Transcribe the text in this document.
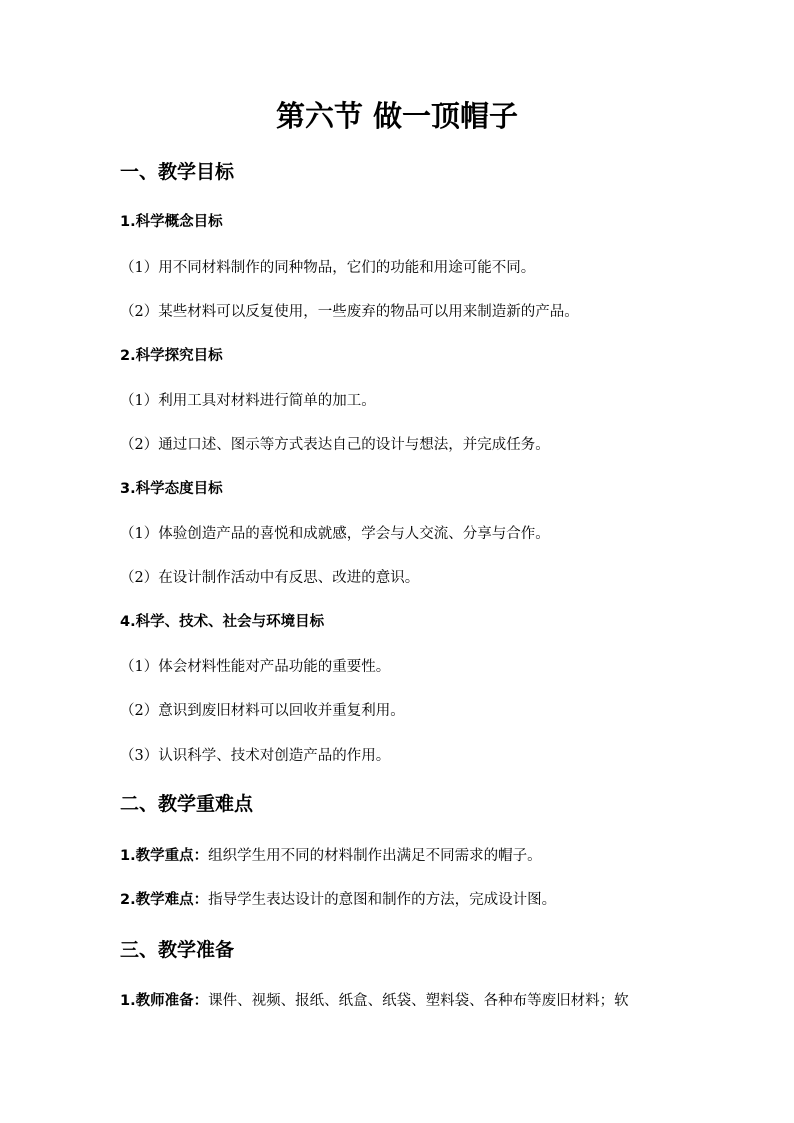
第六节 做一顶帽子
一、教学目标
1.科学概念目标
（1）用不同材料制作的同种物品，它们的功能和用途可能不同。
（2）某些材料可以反复使用，一些废弃的物品可以用来制造新的产品。
2.科学探究目标
（1）利用工具对材料进行简单的加工。
（2）通过口述、图示等方式表达自己的设计与想法，并完成任务。
3.科学态度目标
（1）体验创造产品的喜悦和成就感，学会与人交流、分享与合作。
（2）在设计制作活动中有反思、改进的意识。
4.科学、技术、社会与环境目标
（1）体会材料性能对产品功能的重要性。
（2）意识到废旧材料可以回收并重复利用。
（3）认识科学、技术对创造产品的作用。
二、教学重难点
1.教学重点：组织学生用不同的材料制作出满足不同需求的帽子。
2.教学难点：指导学生表达设计的意图和制作的方法，完成设计图。
三、教学准备
1.教师准备：课件、视频、报纸、纸盒、纸袋、塑料袋、各种布等废旧材料；软
